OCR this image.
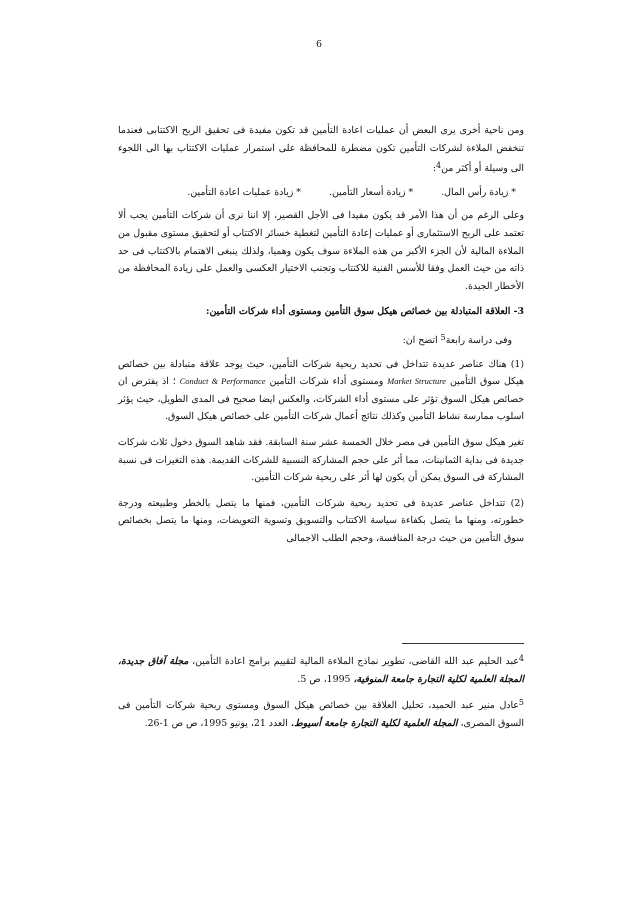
6

ومن ناحية أخرى يرى البعض أن عمليات اعادة التأمين قد تكون مفيدة فى تحقيق الربح الاكتتابى فعندما تنخفض الملاءة لشركات التأمين تكون مضطرة للمحافظة على استمرار عمليات الاكتتاب بها الى اللجوء الى وسيلة أو أكثر من4:

* زيادة رأس المال.
* زيادة أسعار التأمين.
* زيادة عمليات اعادة التأمين.

وعلى الرغم من أن هذا الأمر قد يكون مفيدا فى الأجل القصير، إلا اننا نرى أن شركات التأمين يجب ألا تعتمد على الربح الاستثمارى أو عمليات إعادة التأمين لتغطية خسائر الاكتتاب أو لتحقيق مستوى مقبول من الملاءة المالية لأن الجزء الأكبر من هذه الملاءة سوف يكون وهميا، ولذلك ينبغى الاهتمام بالاكتتاب فى حد ذاته من حيث العمل وفقا للأسس الفنية للاكتتاب وتجنب الاختيار العكسى والعمل على زيادة المحافظة من الأخطار الجيدة.

3- العلاقة المتبادلة بين خصائص هيكل سوق التأمين ومستوى أداء شركات التأمين:

وفى دراسة رابعة5 اتضح ان:

(1) هناك عناصر عديدة تتداخل فى تحديد ربحية شركات التأمين، حيث يوجد علاقة متبادلة بين خصائص هيكل سوق التأمين Market Structure ومستوى أداء شركات التأمين Conduct & Performance ؛ اذ يفترض ان خصائص هيكل السوق تؤثر على مستوى أداء الشركات، والعكس ايضا صحيح فى المدى الطويل، حيث يؤثر اسلوب ممارسة نشاط التأمين وكذلك نتائج أعمال شركات التأمين على خصائص هيكل السوق.

تغير هيكل سوق التأمين فى مصر خلال الخمسة عشر سنة السابقة. فقد شاهد السوق دخول ثلاث شركات جديدة فى بداية الثمانينات، مما أثر على حجم المشاركة النسبية للشركات القديمة. هذه التغيرات فى نسبة المشاركة فى السوق يمكن أن يكون لها أثر على ربحية شركات التأمين.

(2) تتداخل عناصر عديدة فى تحديد ربحية شركات التأمين، فمنها ما يتصل بالخطر وطبيعته ودرجة خطورته، ومنها ما يتصل بكفاءة سياسة الاكتتاب والتسويق وتسوية التعويضات، ومنها ما يتصل بخصائص سوق التأمين من حيث درجة المنافسة، وحجم الطلب الاجمالى

4عبد الحليم عبد الله القاضى، تطوير نماذج الملاءة المالية لتقييم برامج اعادة التأمين، مجلة آفاق جديدة، المجلة العلمية لكلية التجارة جامعة المنوفية، 1995، ص 5.

5عادل منير عبد الحميد، تحليل العلاقة بين خصائص هيكل السوق ومستوى ربحية شركات التأمين فى السوق المصرى، المجلة العلمية لكلية التجارة جامعة أسيوط. العدد 21، يونيو 1995، ص ص 1-26.
